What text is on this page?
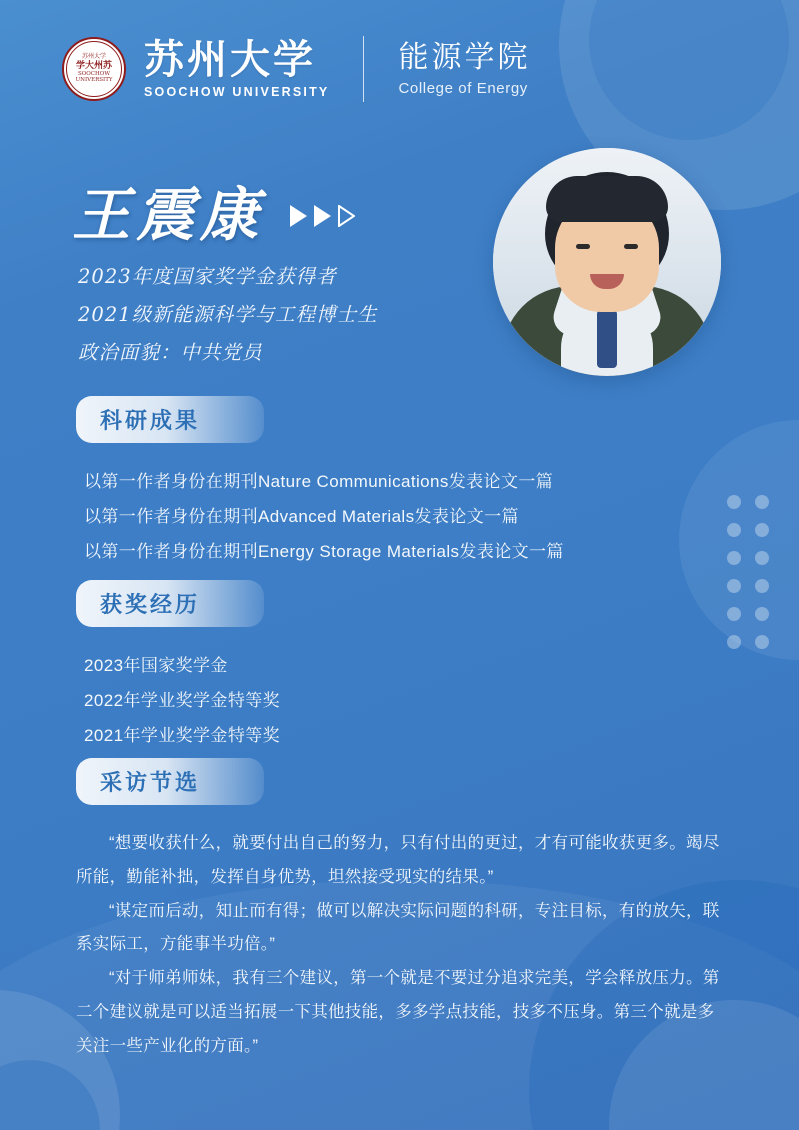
苏州大学
学大州苏
SOOCHOW UNIVERSITY 苏州大学
SOOCHOW UNIVERSITY
能源学院
College of Energy
王震康
2023年度国家奖学金获得者
2021级新能源科学与工程博士生
政治面貌：中共党员
科研成果
以第一作者身份在期刊Nature Communications发表论文一篇
以第一作者身份在期刊Advanced Materials发表论文一篇
以第一作者身份在期刊Energy Storage Materials发表论文一篇
获奖经历
2023年国家奖学金
2022年学业奖学金特等奖
2021年学业奖学金特等奖
采访节选
“想要收获什么，就要付出自己的努力，只有付出的更过，才有可能收获更多。竭尽所能，勤能补拙，发挥自身优势，坦然接受现实的结果。”
“谋定而后动，知止而有得；做可以解决实际问题的科研，专注目标，有的放矢，联系实际工，方能事半功倍。”
“对于师弟师妹，我有三个建议，第一个就是不要过分追求完美，学会释放压力。第二个建议就是可以适当拓展一下其他技能，多多学点技能，技多不压身。第三个就是多关注一些产业化的方面。”
